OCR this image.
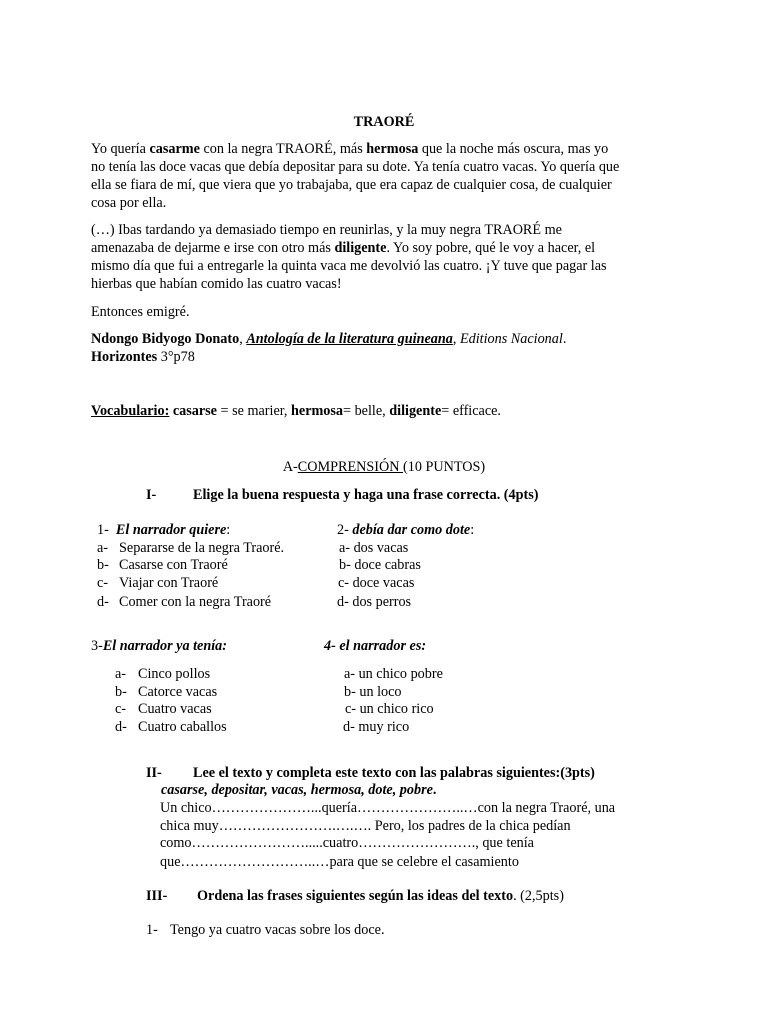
TRAORÉ
Yo quería casarme con la negra TRAORÉ, más hermosa que la noche más oscura, mas yo
no tenía las doce vacas que debía depositar para su dote. Ya tenía cuatro vacas. Yo quería que
ella se fiara de mí, que viera que yo trabajaba, que era capaz de cualquier cosa, de cualquier
cosa por ella.
(…) Ibas tardando ya demasiado tiempo en reunirlas, y la muy negra TRAORÉ me
amenazaba de dejarme e irse con otro más diligente. Yo soy pobre, qué le voy a hacer, el
mismo día que fui a entregarle la quinta vaca me devolvió las cuatro. ¡Y tuve que pagar las
hierbas que habían comido las cuatro vacas!
Entonces emigré.
Ndongo Bidyogo Donato, Antología de la literatura guineana, Editions Nacional.
Horizontes 3°p78
Vocabulario: casarse = se marier, hermosa= belle, diligente= efficace.
A-COMPRENSIÓN (10 PUNTOS)
I-	Elige la buena respuesta y haga una frase correcta. (4pts)
1- El narrador quiere:
a- Separarse de la negra Traoré.
b- Casarse con Traoré
c- Viajar con Traoré
d- Comer con la negra Traoré
2- debía dar como dote:
a- dos vacas
b- doce cabras
c- doce vacas
d- dos perros
3-El narrador ya tenía:
a- Cinco pollos
b- Catorce vacas
c- Cuatro vacas
d- Cuatro caballos
4- el narrador es:
a- un chico pobre
b- un loco
c- un chico rico
d- muy rico
II- Lee el texto y completa este texto con las palabras siguientes:(3pts)
casarse, depositar, vacas, hermosa, dote, pobre.
Un chico…………………...quería…………………..…con la negra Traoré, una
chica muy…………………….….…. Pero, los padres de la chica pedían
como…………………….....cuatro……………………., que tenía
que………………………..…para que se celebre el casamiento
III- Ordena las frases siguientes según las ideas del texto. (2,5pts)
1- Tengo ya cuatro vacas sobre los doce.
